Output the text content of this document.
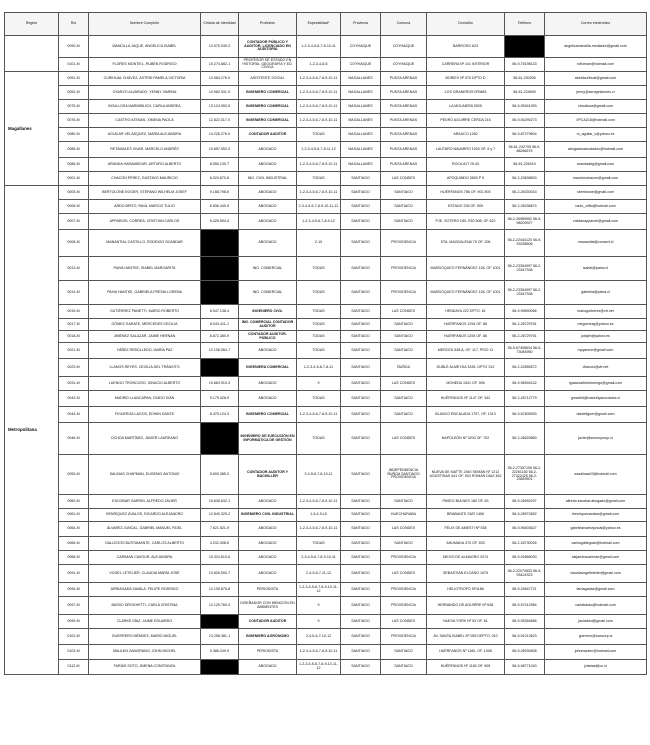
Región	Rol	Nombre Completo	Cédula de Identidad	Profesión	Especialidad*	Provincia	Comuna	Domicilio	Teléfono	Correo electrónico
	0090-M	MANCILLA JAQUE, ANGÉLICA ISABEL	13.970.039-2	CONTADOR PÚBLICO Y AUDITOR, LICENCIADO EN AUDITORÍA	1-2-3-4-5-6-7-8-10-11	COYHAIQUE	COYHAIQUE	BARROSO 623		angelicamancilla.mediador@gmail.com
	0101-M	FLORES MONTIEL, RUBÉN RODRIGO	10.274.682-1	PROFESOR DE ESTADO EN HISTORIA, GEOGRAFÍA Y ED. CÍVICA	1-2-3-4-5-6	COYHAIQUE	COYHAIQUE	CARRERA Nº 141 INTERIOR	56-9-75198133	rofloman@hotmail.com
Magallanes	0051-M	CURIHUAL CHÁVEZ, ASTRID PAMELA VICTORIA	13.964.276-0	ASISTENTE SOCIAL	1-2-3-4-5-6-7-8-9-10-11	MAGALLANES	PUNTA ARENAS	BORIES Nº 570 DPTO D	56-61-230206	astridcurihual@gmail.com
	0052-M	OYARZO ALVARADO, YENNY XIMENA	10.982.531-9	INGENIERO COMERCIAL	1-2-3-4-5-6-7-8-9-10-11	MAGALLANES	PUNTA ARENAS	LOS GRANEROS Nº0683	56-61-224699	jenny@servgestiones.cl
	0075-M	BOULLOSA MARIMBLICH, CARLA ANDREA	13.124.953-5	INGENIERO COMERCIAL	1-2-3-4-5-6-7-8-9-10-11	MAGALLANES	PUNTA ARENAS	LA MOLINERA 0525	56-9-95341993	cboullosa@gmail.com
	0076-M	CASTRO ATENAS, XIMENA PAOLA	12.822.317-0	INGENIERO COMERCIAL	1-2-3-4-5-6-7-8-9-10-11	MAGALLANES	PUNTA ARENAS	PEDRO AGUIRRE CERDA 216	56-9-94290273	XPCA216@hotmail.com
	0080-M	AGUILAR VELÁSQUEZ, MARÍA ALEJANDRA	14.226.276-9	CONTADOR AUDITOR	TODAS	MAGALLANES	PUNTA ARENAS	ARAUCO 1262	56-9-87279604	m_aguilar_v@yahoo.es
	0085-M	RETAMALES VIVAR, MARCELO ANDRÉS	10.657.952-0	ABOGADO	1-2-3-4-5-6-7-8-11-12	MAGALLANES	PUNTA ARENAS	LAUTARO NAVARRO 1003 OF. 6 y 7	56-61-242705 56-9-88266575	abogadosasociados@hotmail.com
	0086-M	ARANDA HARAMBOUR, ARTURO ALBERTO	8.555.130-7	ABOGADO	1-2-3-4-5-6-7-8-9-10-11	MAGALLANES	PUNTA ARENAS	ROCA 817 Of.43	56-61-226319	arandaabg@gmail.com
	0001-M	CHACÓN PÉREZ, GUSTAVO MAURICIO	6.024.870-6	ING. CIVIL INDUSTRIAL	TODAS	SANTIAGO	LAS CONDES	APOQUINDO 3600 P 5	56-2-23638600	mauriciochacon@gmail.com
Metropolitana	0005-M	BERTOLONE EGGER, STEFANO WILHELM JOSEF	9.158.798-K	ABOGADO	1-2-3-4-5-6-7-8-9-10-11	SANTIAGO	SANTIAGO	HUÉRFANOS 786 OF. 902-903	56-2-26330043	sbertolone@gmail.com
	0006-M	ARDO BRITO, RAÚL MARCIO TULIO	6.836.440-5	ABOGADO	2-3-4-5-6-7-8-9-10-11-12	SANTIAGO	SANTIAGO	ESTADO 235 OF. 505	56-2-26336674	raulo_cliffo@hotmail.com
	0007-M	APPARCEL CORREA, CRISTIAN CARLOS	6.425.594-0	ABOGADO	1-2-3-4-5-6-7-8-9-12	SANTIAGO	SANTIAGO	PJE. SOTERO DEL RÍO 508, OF 622	56-2-26989952 56-9-98209927	cristianapparcel@gmail.com
	0008-M	MANANTIAL CASTILLO, RODRIGO SCANDAR		ABOGADO	2-10	SANTIAGO	PROVIDENCIA	STA. MAGDALENA 75 OF. 206	56-2-22444120 56-9-93258506	rmanantial@consert.cl
	0013-M	PAIVA HANTKE, ISABEL MARGARITA		ING. COMERCIAL	TODAS	SANTIAGO	PROVIDENCIA	MARDOQUEO FERNÁNDEZ 128, OF 1001	56-2-23354997 56-2-23347338	isabel@paiva.cl
	0014-M	PAIVA HANTKE, GABRIELA FRESIA LORENA		ING. COMERCIAL	TODAS	SANTIAGO	PROVIDENCIA	MARDOQUEO FERNÁNDEZ 128, OF 1001	56-2-23354997 56-2-23347338	gabriela@paiva.cl
	0015-M	GUTIÉRREZ PANETTI, MARIO ROBERTO	8.547.138-4	INGENIERO CIVIL	TODAS	SANTIAGO	LAS CONDES	HENDAYA 222 DPTO. 61	56-9-99890066	mariogutierrez@vtr.net
	0017-M	GÓMEZ GARATE, MERCEDES CECILIA	8.043.411-1	ING. COMERCIAL CONTADOR AUDITOR	TODAS	SANTIAGO	SANTIAGO	HUÉRFANOS 1294 OF. 86	56-2-26729761	megomezg@yahoo.es
	0018-M	JIMÉNEZ SALAZAR, JAIME HERNÁN	6.872.380-9	CONTADOR AUDITOR-PÚBLICO	TODAS	SANTIAGO	SANTIAGO	HUÉRFANOS 1294 OF. 86	56-2-26729761	jotajim@yahoo.es
	0021-M	YÁÑEZ REBOLLEDO, MARÍA PAZ	12.106.064-7	ABOGADO	TODAS	SANTIAGO	SANTIAGO	MERCED 838 A, OF. 117, PISO 11	56-9-67455634 56-9-73084950	mpyanezr@gmail.com
	0023-M	LLANOS REYES, CECILIA DEL TRÁNSITO		INGENIERA COMERCIAL	1-2-3-4-5-6-7-8-11	SANTIAGO	ÑUÑOA	DUBLÉ ALMEYDA 3335, DPTO 312	56-2-24555572	cllanosr@vtr.net
	0031-M	LUENGO TRONCOSO, IGNACIO ALBERTO	10.663.919-3	ABOGADO	9	SANTIAGO	LAS CONDES	MONEDA 1541 OF. 906	56-9-96594142	ignacioalbertoluengo@gmail.com
	0043-M	MADRID LLANCAPAN, GUIDO IVÁN	9.179.028-9	ABOGADO	TODAS	SANTIAGO	SANTIAGO	HUÉRFANOS Nº 1147 OF. 342	56-2-26712779	gmadrid@madridyasociados.cl
	0044-M	FIGUEROA LAGOS, EDWIN DANTE	8.475.124-3	INGENIERO COMERCIAL	1-2-3-4-5-6-7-8-9-10-11	SANTIAGO	SANTIAGO	BLANCO ENCALADA 1797, OF. 1013	56-9-67605953	dantefiguer@gmail.com
	0046-M	OCHOA MARTÍNEZ, JAVIER LAUREANO		INGENIERO DE EJECUCIÓN EN INFORMÁTICA DE GESTIÓN	TODAS	SANTIAGO	LAS CONDES	NAPOLEÓN Nº 3200 OF. 702	56-2-26520680	javier@seonoyroup.cl
	0053-M	SALINAS CHAPMAN, EUGENIO ANTONIO	5.609.385-0	CONTADOR AUDITOR Y BACHILLER	2-4-5-6-7-8-10-11	SANTIAGO	INDEPENDENCIA ÑUÑOA SANTIAGO PROVIDENCIA	NUEVA DE MATTE 2440 SEMÁN Nº 1212 AGUSTINAS 641 OF. 503 ROMÁN DÍAZ 462	56-2-27357106 56-2-22261160 56-2-27322425 56-2-23849501	easalinas03@hotmail.com
	0060-M	ESCOBAR GARRIN, ALFREDO JAVIER	15.838.632-1	ABOGADO	1-2-3-4-5-6-7-8-9-10-11	SANTIAGO	SANTIAGO	PASEO BULNES 180 OF. 83	56-9-26992297	alfredo.escobar.abogado@gmail.com
	0061-M	HENRÍQUEZ ÁVALOS, RICARDO ALEJANDRO	12.840.325-2	INGENIERO CIVIL INDUSTRIAL	1-3-4-9-10	SANTIAGO	HUECHURABA	BRABANTE SUR 1456	56-9-28974552	rhenriquezavalos@gmail.com
	0064-M	ÁLVAREZ JUNCAL, GABRIEL MANUEL FIDEL	7.621.521-9	ABOGADO	1-2-3-4-5-6-7-8-9-10-11	SANTIAGO	LAS CONDES	FÉLIX DE AMESTI Nº 538	56-9-96403627	gabrielalvarezjuncal@yahoo.es
	0065-M	GALLEGOS BUSTAMANTE, CARLOS ALBERTO	4.232.408-K	ABOGADO	TODAS	SANTIAGO	SANTIAGO	AHUMADA 370 OF. 533	56-2-26730026	carlosgallegosb@hotmail.com
	0068-M	CARIMAN CAVOUR, ALEJANDRA	15.324.610-6	ABOGADO	2-3-4-5-6-7-8-9-10-11	SANTIAGO	PROVIDENCIA	DIEGO DE ALMAGRO 2074	56-9-92866030	alejandracariman@gmail.com
	0091-M	VOGEL LETELIER, CLAUDIA MARÍA JOSÉ	13.826.590-7	ABOGADO	2-4-5-6-7-11-12	SANTIAGO	LAS CONDES	SEBASTIÁN ELCANO 1575	56-2-22070833 56-9-93424323	claudiavogelletelier@gmail.com
	0094-M	ARRIAGADA ZAVALA, FELIPE RODRIGO	12.105.875-8	PERIODISTA	1-2-3-4-5-6-7-8-9-10-11-12	SANTIAGO	PROVIDENCIA	HELIOTROPO Nº4186	56-9-24647721	farriagadaz@gmail.com
	0097-M	BASSO DROGHETTI, CARLA CRISTINA	12.125.760-4	DISEÑADOR CON MENCIÓN EN AMBIENTES	9	SANTIAGO	PROVIDENCIA	HERNANDO DE AGUIRRE Nº 648	56-9-97412984	carlabasso@hotmail.com
	0099-M	CLARKE DÍAZ, JAIME EDUARDO		CONTADOR AUDITOR	9	SANTIAGO	LAS CONDES	NUEVA YORK Nº 53 OF. 61	56-9-95354666	jaclarked@gmail.com
	0102-M	GUERRERO MÉNDEZ, MARIO MIGUEL	13.258.381-1	INGENIERO AGRÓNOMO	2-4-5-6-7-10-12	SANTIAGO	PROVIDENCIA	AV. SANTA ISABEL Nº 055 DEPTO. 910	56-9-51013623	guerrero@sancorp.cl
	0103-M	MAULEN ZAMORANO, JOHN MICHEL	9.386.249-9	PERIODISTA	1-2-3-4-5-6-7-8-9-10-11	SANTIAGO	SANTIAGO	HUÉRFANOS Nº 1160, OF. 1008	56-9-26930838	johnmaulen@hotmail.com
	0112-M	FARÍAS SOTO, JIMENA CONSTANZA		ABOGADO	1-2-3-4-5-6-7-8-9-10-11-12	SANTIAGO	SANTIAGO	HUÉRFANOS Nº 1160 OF. 505	56-9-98771040	jcfarias@uc.cl
